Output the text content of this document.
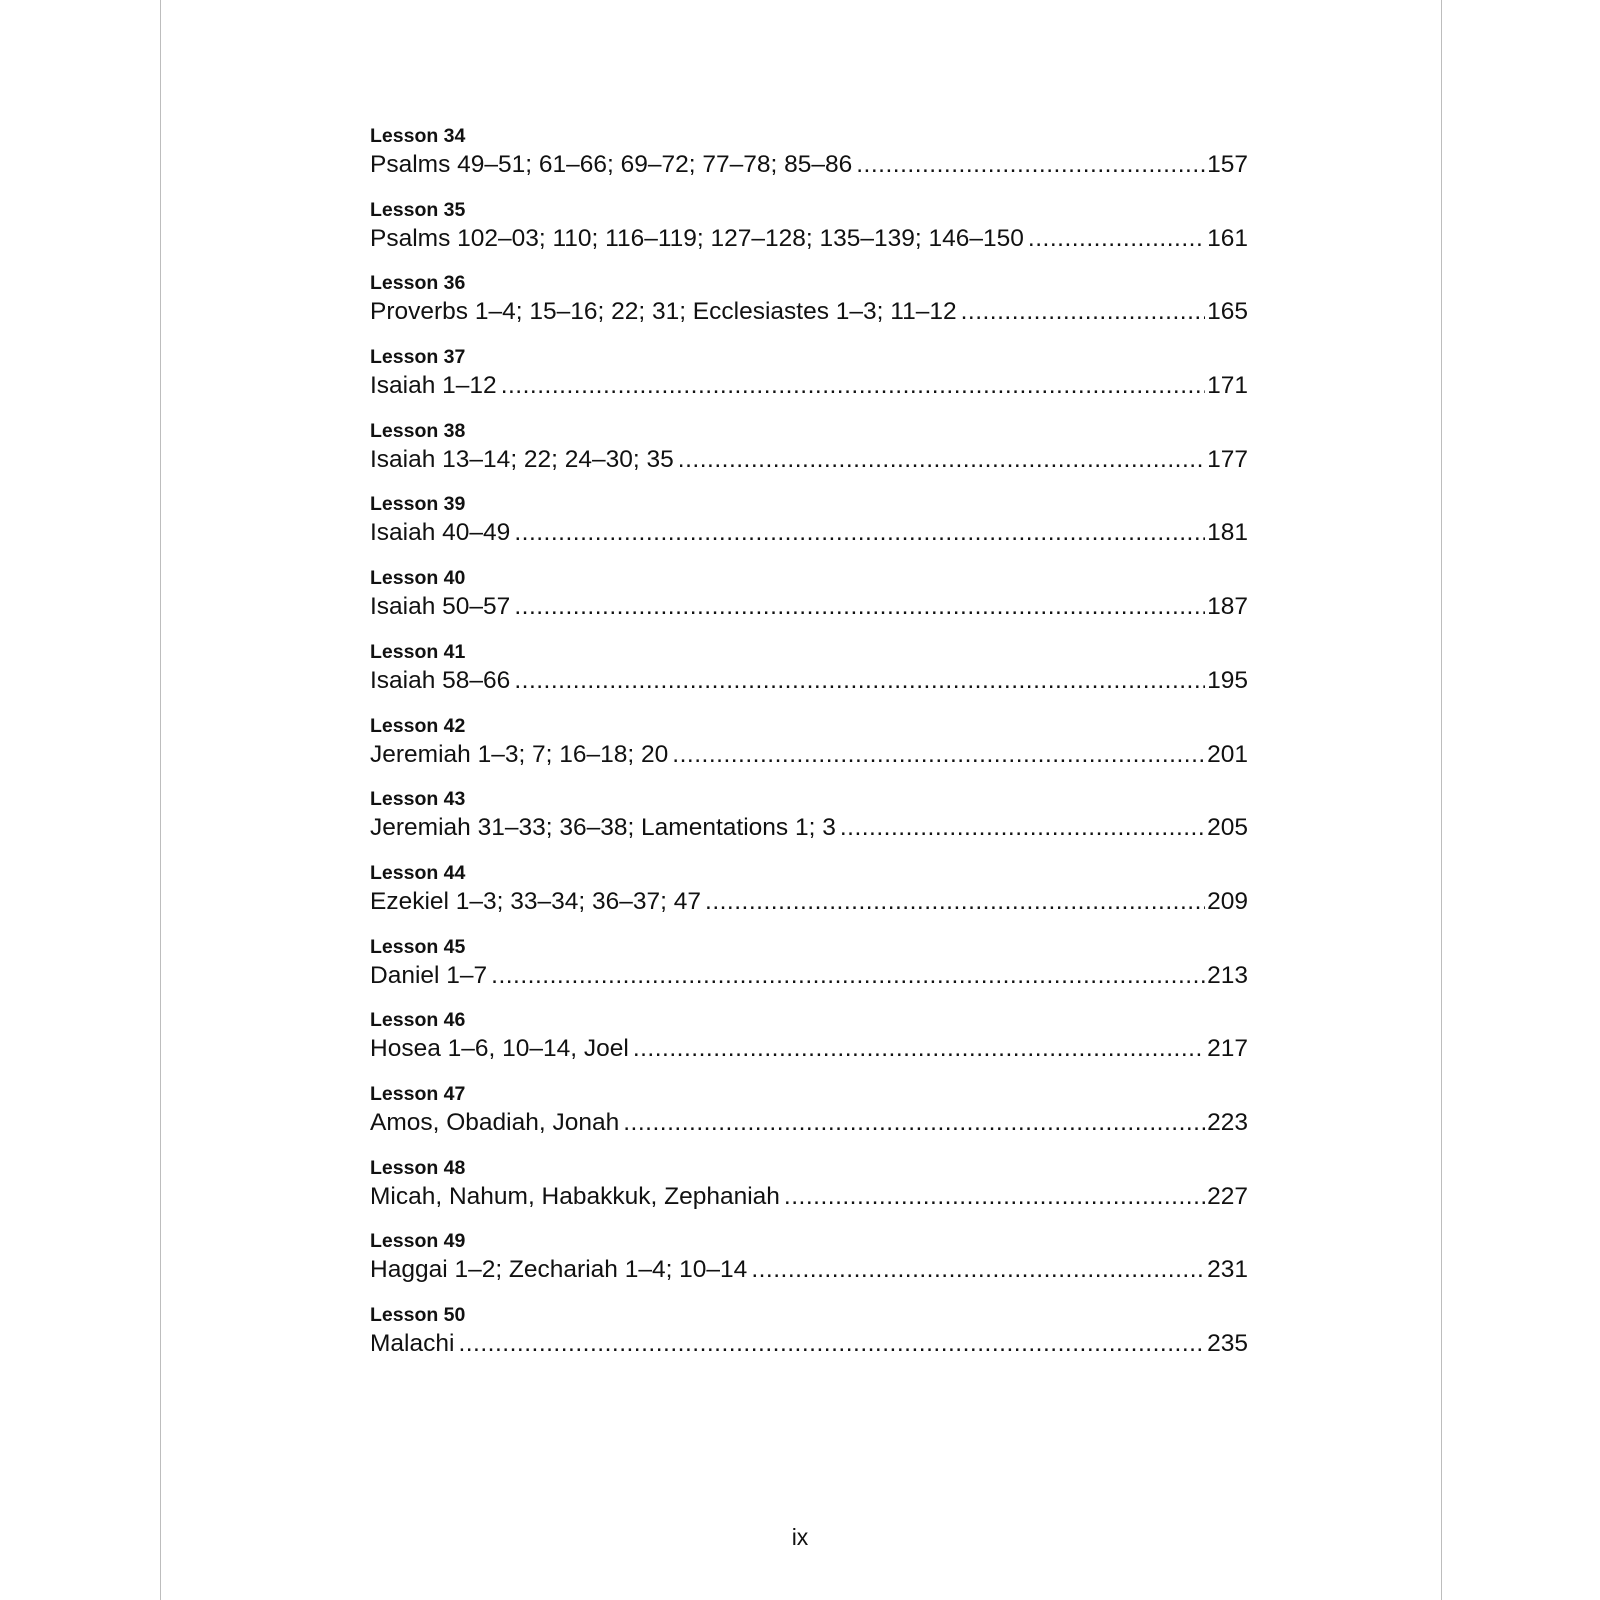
Lesson 34
Psalms 49–51; 61–66; 69–72; 77–78; 85–86 .....	157
Lesson 35
Psalms 102–03; 110; 116–119; 127–128; 135–139; 146–150 .....	161
Lesson 36
Proverbs 1–4; 15–16; 22; 31; Ecclesiastes 1–3; 11–12 .....	165
Lesson 37
Isaiah 1–12 .....	171
Lesson 38
Isaiah 13–14; 22; 24–30; 35 .....	177
Lesson 39
Isaiah 40–49 .....	181
Lesson 40
Isaiah 50–57 .....	187
Lesson 41
Isaiah 58–66 .....	195
Lesson 42
Jeremiah 1–3; 7; 16–18; 20 .....	201
Lesson 43
Jeremiah 31–33; 36–38; Lamentations 1; 3 .....	205
Lesson 44
Ezekiel 1–3; 33–34; 36–37; 47 .....	209
Lesson 45
Daniel 1–7 .....	213
Lesson 46
Hosea 1–6, 10–14, Joel .....	217
Lesson 47
Amos, Obadiah, Jonah .....	223
Lesson 48
Micah, Nahum, Habakkuk, Zephaniah .....	227
Lesson 49
Haggai 1–2; Zechariah 1–4; 10–14 .....	231
Lesson 50
Malachi .....	235
ix
